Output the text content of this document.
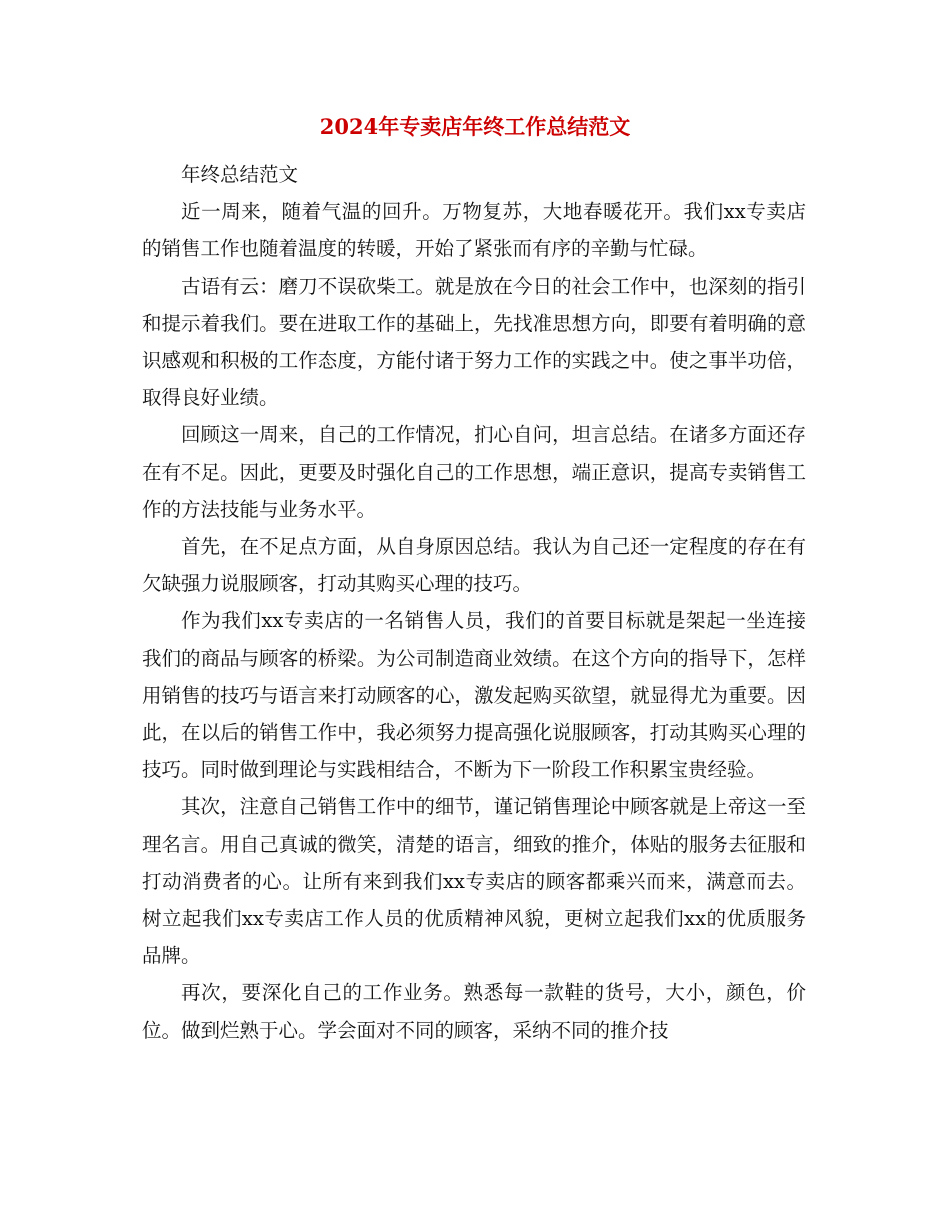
2024年专卖店年终工作总结范文

年终总结范文

近一周来，随着气温的回升。万物复苏，大地春暖花开。我们xx专卖店的销售工作也随着温度的转暖，开始了紧张而有序的辛勤与忙碌。

古语有云：磨刀不误砍柴工。就是放在今日的社会工作中，也深刻的指引和提示着我们。要在进取工作的基础上，先找准思想方向，即要有着明确的意识感观和积极的工作态度，方能付诸于努力工作的实践之中。使之事半功倍，取得良好业绩。

回顾这一周来，自己的工作情况，扪心自问，坦言总结。在诸多方面还存在有不足。因此，更要及时强化自己的工作思想，端正意识，提高专卖销售工作的方法技能与业务水平。

首先，在不足点方面，从自身原因总结。我认为自己还一定程度的存在有欠缺强力说服顾客，打动其购买心理的技巧。

作为我们xx专卖店的一名销售人员，我们的首要目标就是架起一坐连接我们的商品与顾客的桥梁。为公司制造商业效绩。在这个方向的指导下，怎样用销售的技巧与语言来打动顾客的心，激发起购买欲望，就显得尤为重要。因此，在以后的销售工作中，我必须努力提高强化说服顾客，打动其购买心理的技巧。同时做到理论与实践相结合，不断为下一阶段工作积累宝贵经验。

其次，注意自己销售工作中的细节，谨记销售理论中顾客就是上帝这一至理名言。用自己真诚的微笑，清楚的语言，细致的推介，体贴的服务去征服和打动消费者的心。让所有来到我们xx专卖店的顾客都乘兴而来，满意而去。树立起我们xx专卖店工作人员的优质精神风貌，更树立起我们xx的优质服务品牌。

再次，要深化自己的工作业务。熟悉每一款鞋的货号，大小，颜色，价位。做到烂熟于心。学会面对不同的顾客，采纳不同的推介技
